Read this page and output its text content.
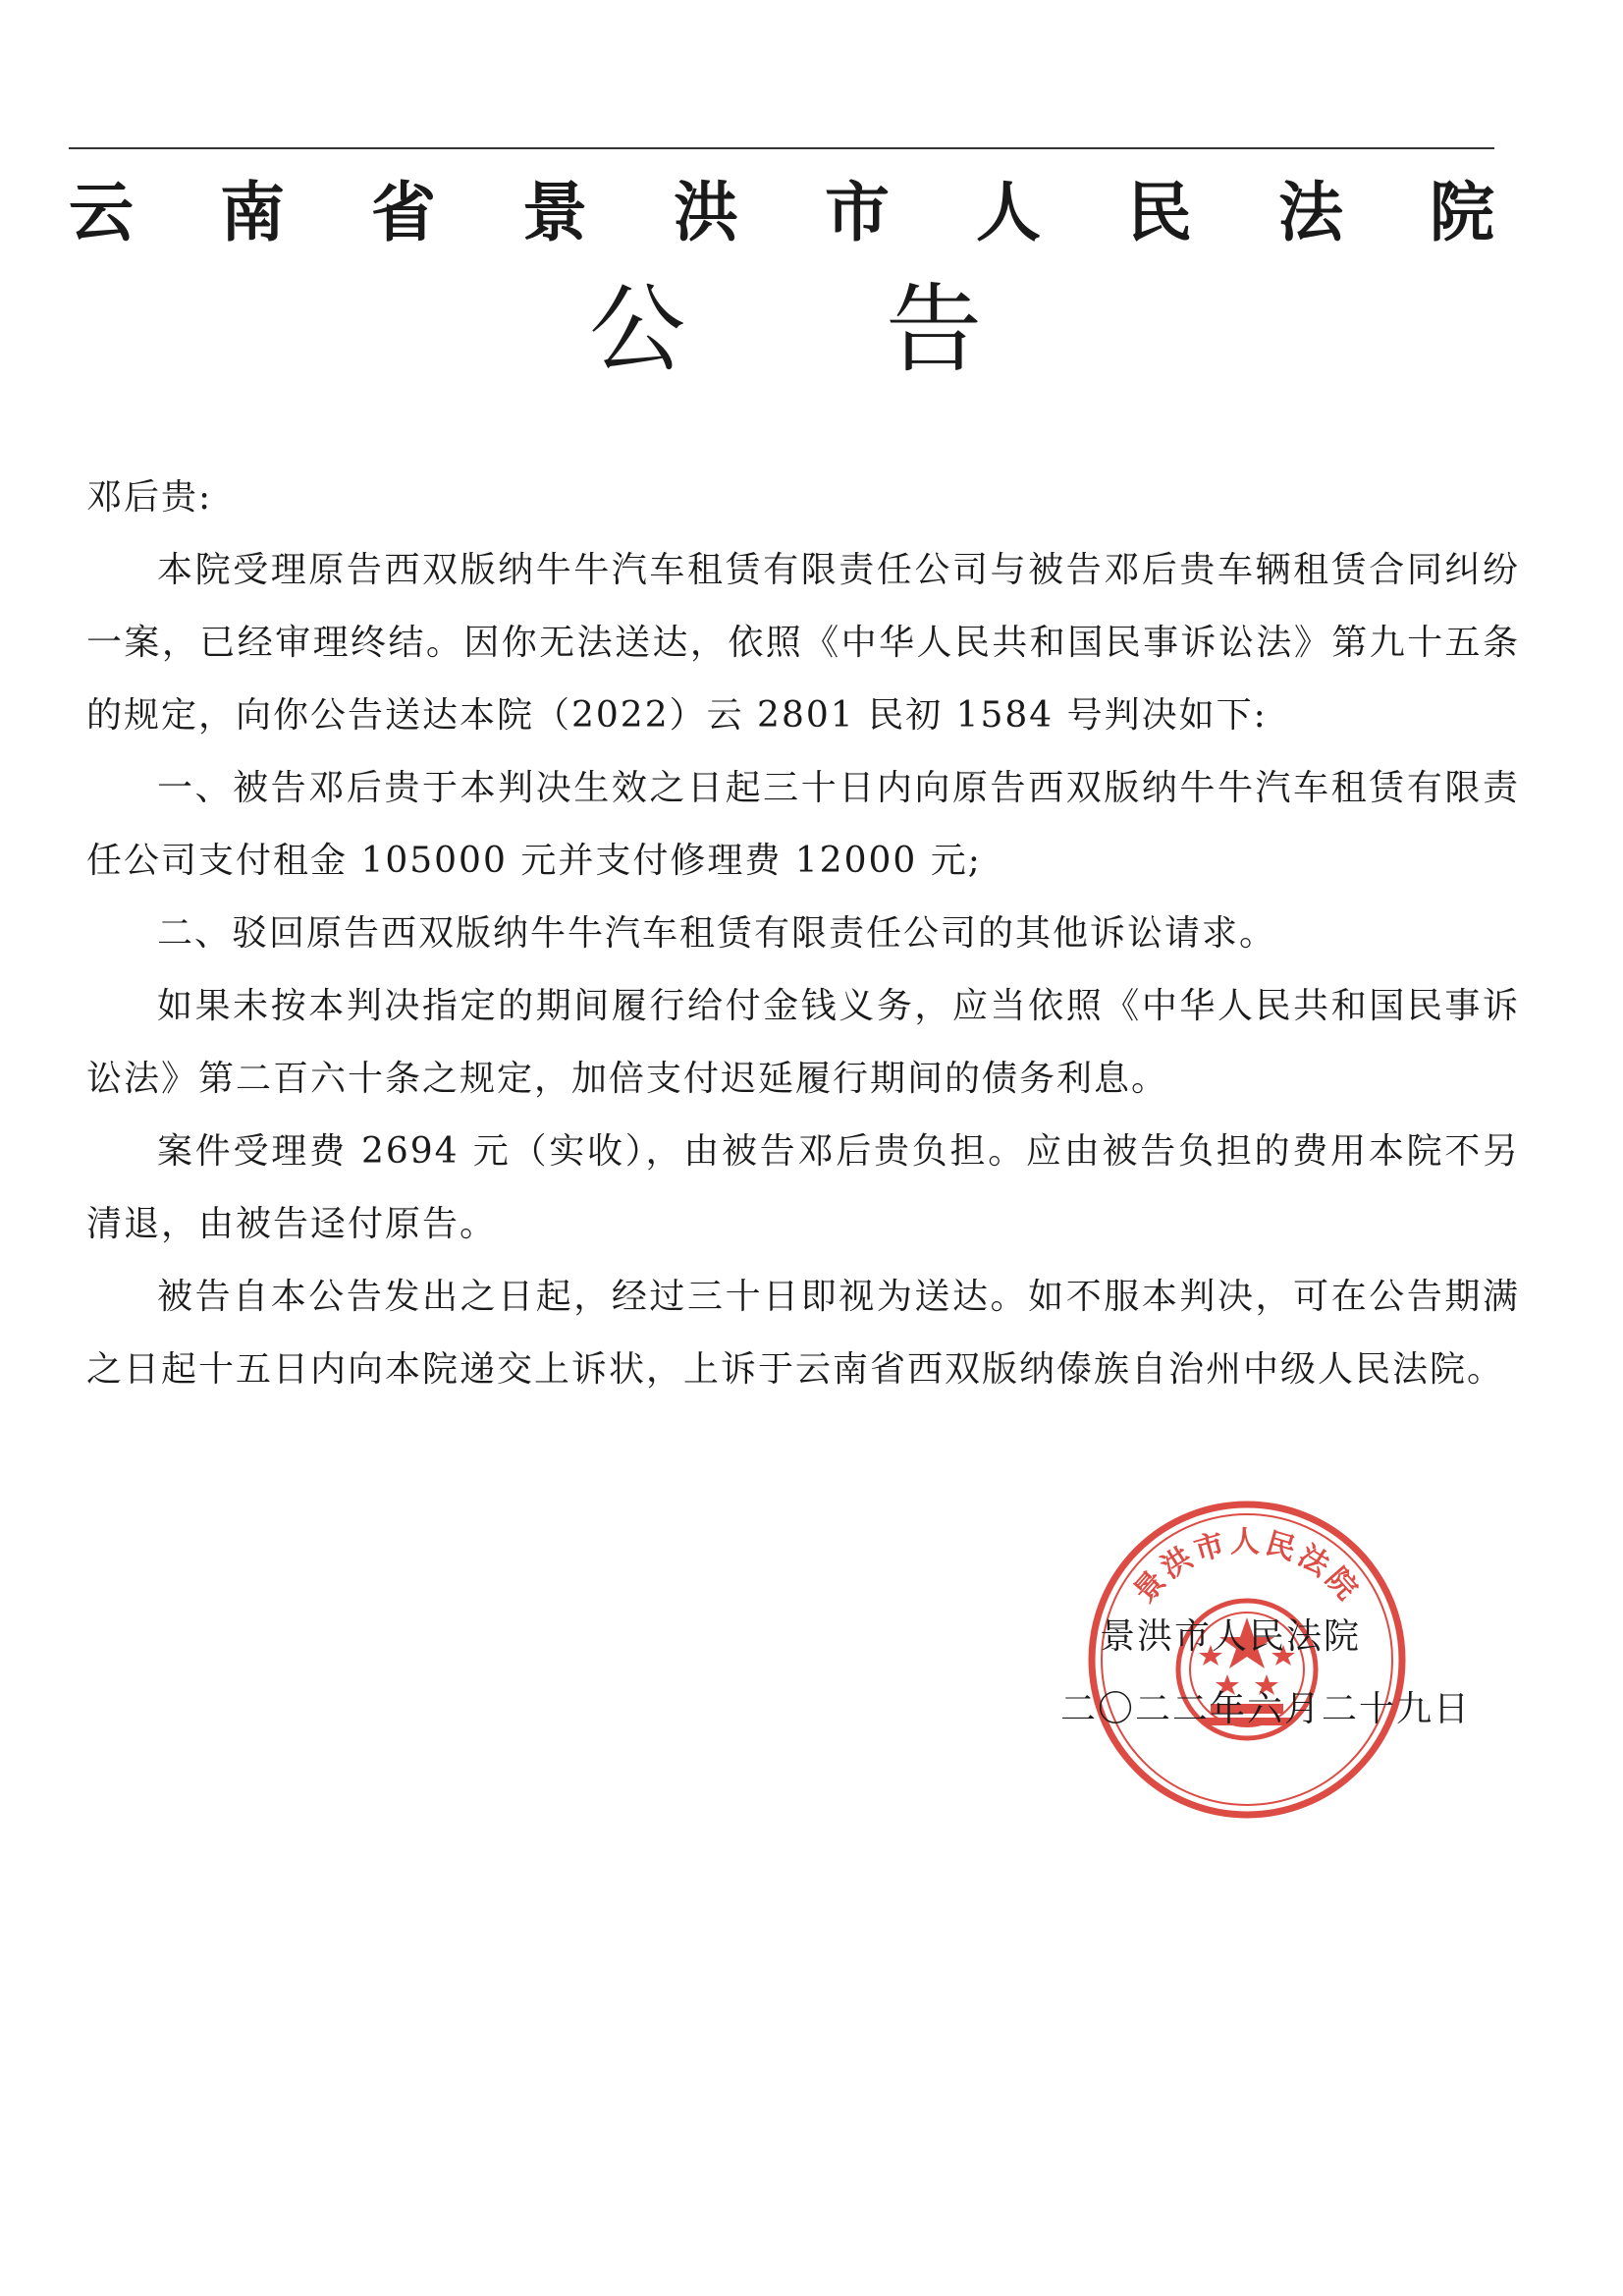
云 南 省 景 洪 市 人 民 法 院
公 告

邓后贵:

本院受理原告西双版纳牛牛汽车租赁有限责任公司与被告邓后贵车辆租赁合同纠纷一案，已经审理终结。因你无法送达，依照《中华人民共和国民事诉讼法》第九十五条的规定，向你公告送达本院（2022）云 2801 民初 1584 号判决如下:

一、被告邓后贵于本判决生效之日起三十日内向原告西双版纳牛牛汽车租赁有限责任公司支付租金 105000 元并支付修理费 12000 元;

二、驳回原告西双版纳牛牛汽车租赁有限责任公司的其他诉讼请求。

如果未按本判决指定的期间履行给付金钱义务，应当依照《中华人民共和国民事诉讼法》第二百六十条之规定，加倍支付迟延履行期间的债务利息。

案件受理费 2694 元（实收），由被告邓后贵负担。应由被告负担的费用本院不另清退，由被告迳付原告。

被告自本公告发出之日起，经过三十日即视为送达。如不服本判决，可在公告期满之日起十五日内向本院递交上诉状，上诉于云南省西双版纳傣族自治州中级人民法院。

景洪市人民法院
景洪市人民法院
二〇二二年六月二十九日
